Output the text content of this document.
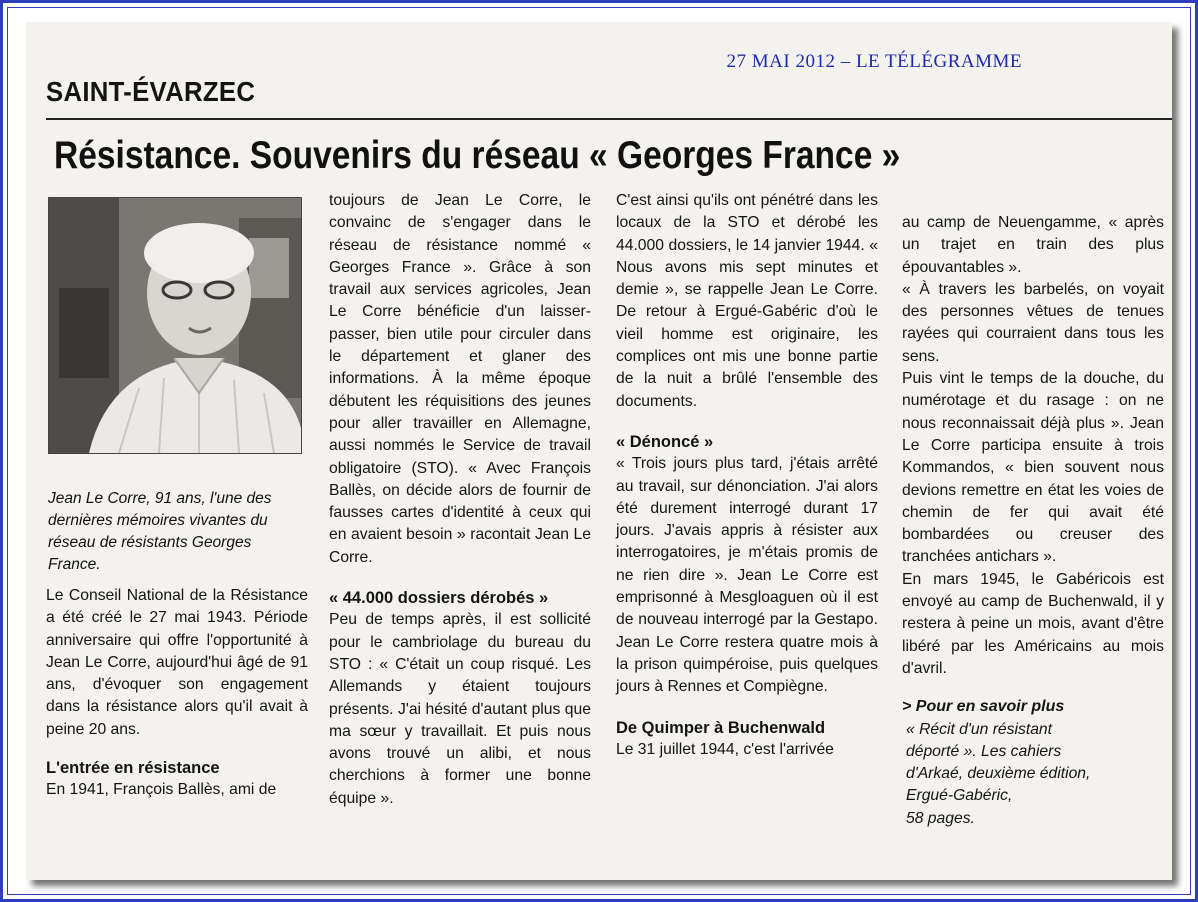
27 MAI 2012 – LE TÉLÉGRAMME
SAINT-ÉVARZEC
Résistance. Souvenirs du réseau « Georges France »
Jean Le Corre, 91 ans, l'une des dernières mémoires vivantes du réseau de résistants Georges France.

Le Conseil National de la Résistance a été créé le 27 mai 1943. Période anniversaire qui offre l'opportunité à Jean Le Corre, aujourd'hui âgé de 91 ans, d'évoquer son engagement dans la résistance alors qu'il avait à peine 20 ans.

L'entrée en résistance

En 1941, François Ballès, ami de

toujours de Jean Le Corre, le convainc de s'engager dans le réseau de résistance nommé « Georges France ». Grâce à son travail aux services agricoles, Jean Le Corre bénéficie d'un laisser-passer, bien utile pour circuler dans le département et glaner des informations. À la même époque débutent les réquisitions des jeunes pour aller travailler en Allemagne, aussi nommés le Service de travail obligatoire (STO). « Avec François Ballès, on décide alors de fournir de fausses cartes d'identité à ceux qui en avaient besoin » racontait Jean Le Corre.

« 44.000 dossiers dérobés »

Peu de temps après, il est sollicité pour le cambriolage du bureau du STO : « C'était un coup risqué. Les Allemands y étaient toujours présents. J'ai hésité d'autant plus que ma sœur y travaillait. Et puis nous avons trouvé un alibi, et nous cherchions à former une bonne équipe ».

C'est ainsi qu'ils ont pénétré dans les locaux de la STO et dérobé les 44.000 dossiers, le 14 janvier 1944. « Nous avons mis sept minutes et demie », se rappelle Jean Le Corre. De retour à Ergué-Gabéric d'où le vieil homme est originaire, les complices ont mis une bonne partie de la nuit a brûlé l'ensemble des documents.

« Dénoncé »

« Trois jours plus tard, j'étais arrêté au travail, sur dénonciation. J'ai alors été durement interrogé durant 17 jours. J'avais appris à résister aux interrogatoires, je m'étais promis de ne rien dire ». Jean Le Corre est emprisonné à Mesgloaguen où il est de nouveau interrogé par la Gestapo. Jean Le Corre restera quatre mois à la prison quimpéroise, puis quelques jours à Rennes et Compiègne.

De Quimper à Buchenwald

Le 31 juillet 1944, c'est l'arrivée

au camp de Neuengamme, « après un trajet en train des plus épouvantables ».

« À travers les barbelés, on voyait des personnes vêtues de tenues rayées qui courraient dans tous les sens.

Puis vint le temps de la douche, du numérotage et du rasage : on ne nous reconnaissait déjà plus ». Jean Le Corre participa ensuite à trois Kommandos, « bien souvent nous devions remettre en état les voies de chemin de fer qui avait été bombardées ou creuser des tranchées antichars ».

En mars 1945, le Gabéricois est envoyé au camp de Buchenwald, il y restera à peine un mois, avant d'être libéré par les Américains au mois d'avril.

> Pour en savoir plus

« Récit d'un résistant

déporté ». Les cahiers

d'Arkaé, deuxième édition,

Ergué-Gabéric,

58 pages.
